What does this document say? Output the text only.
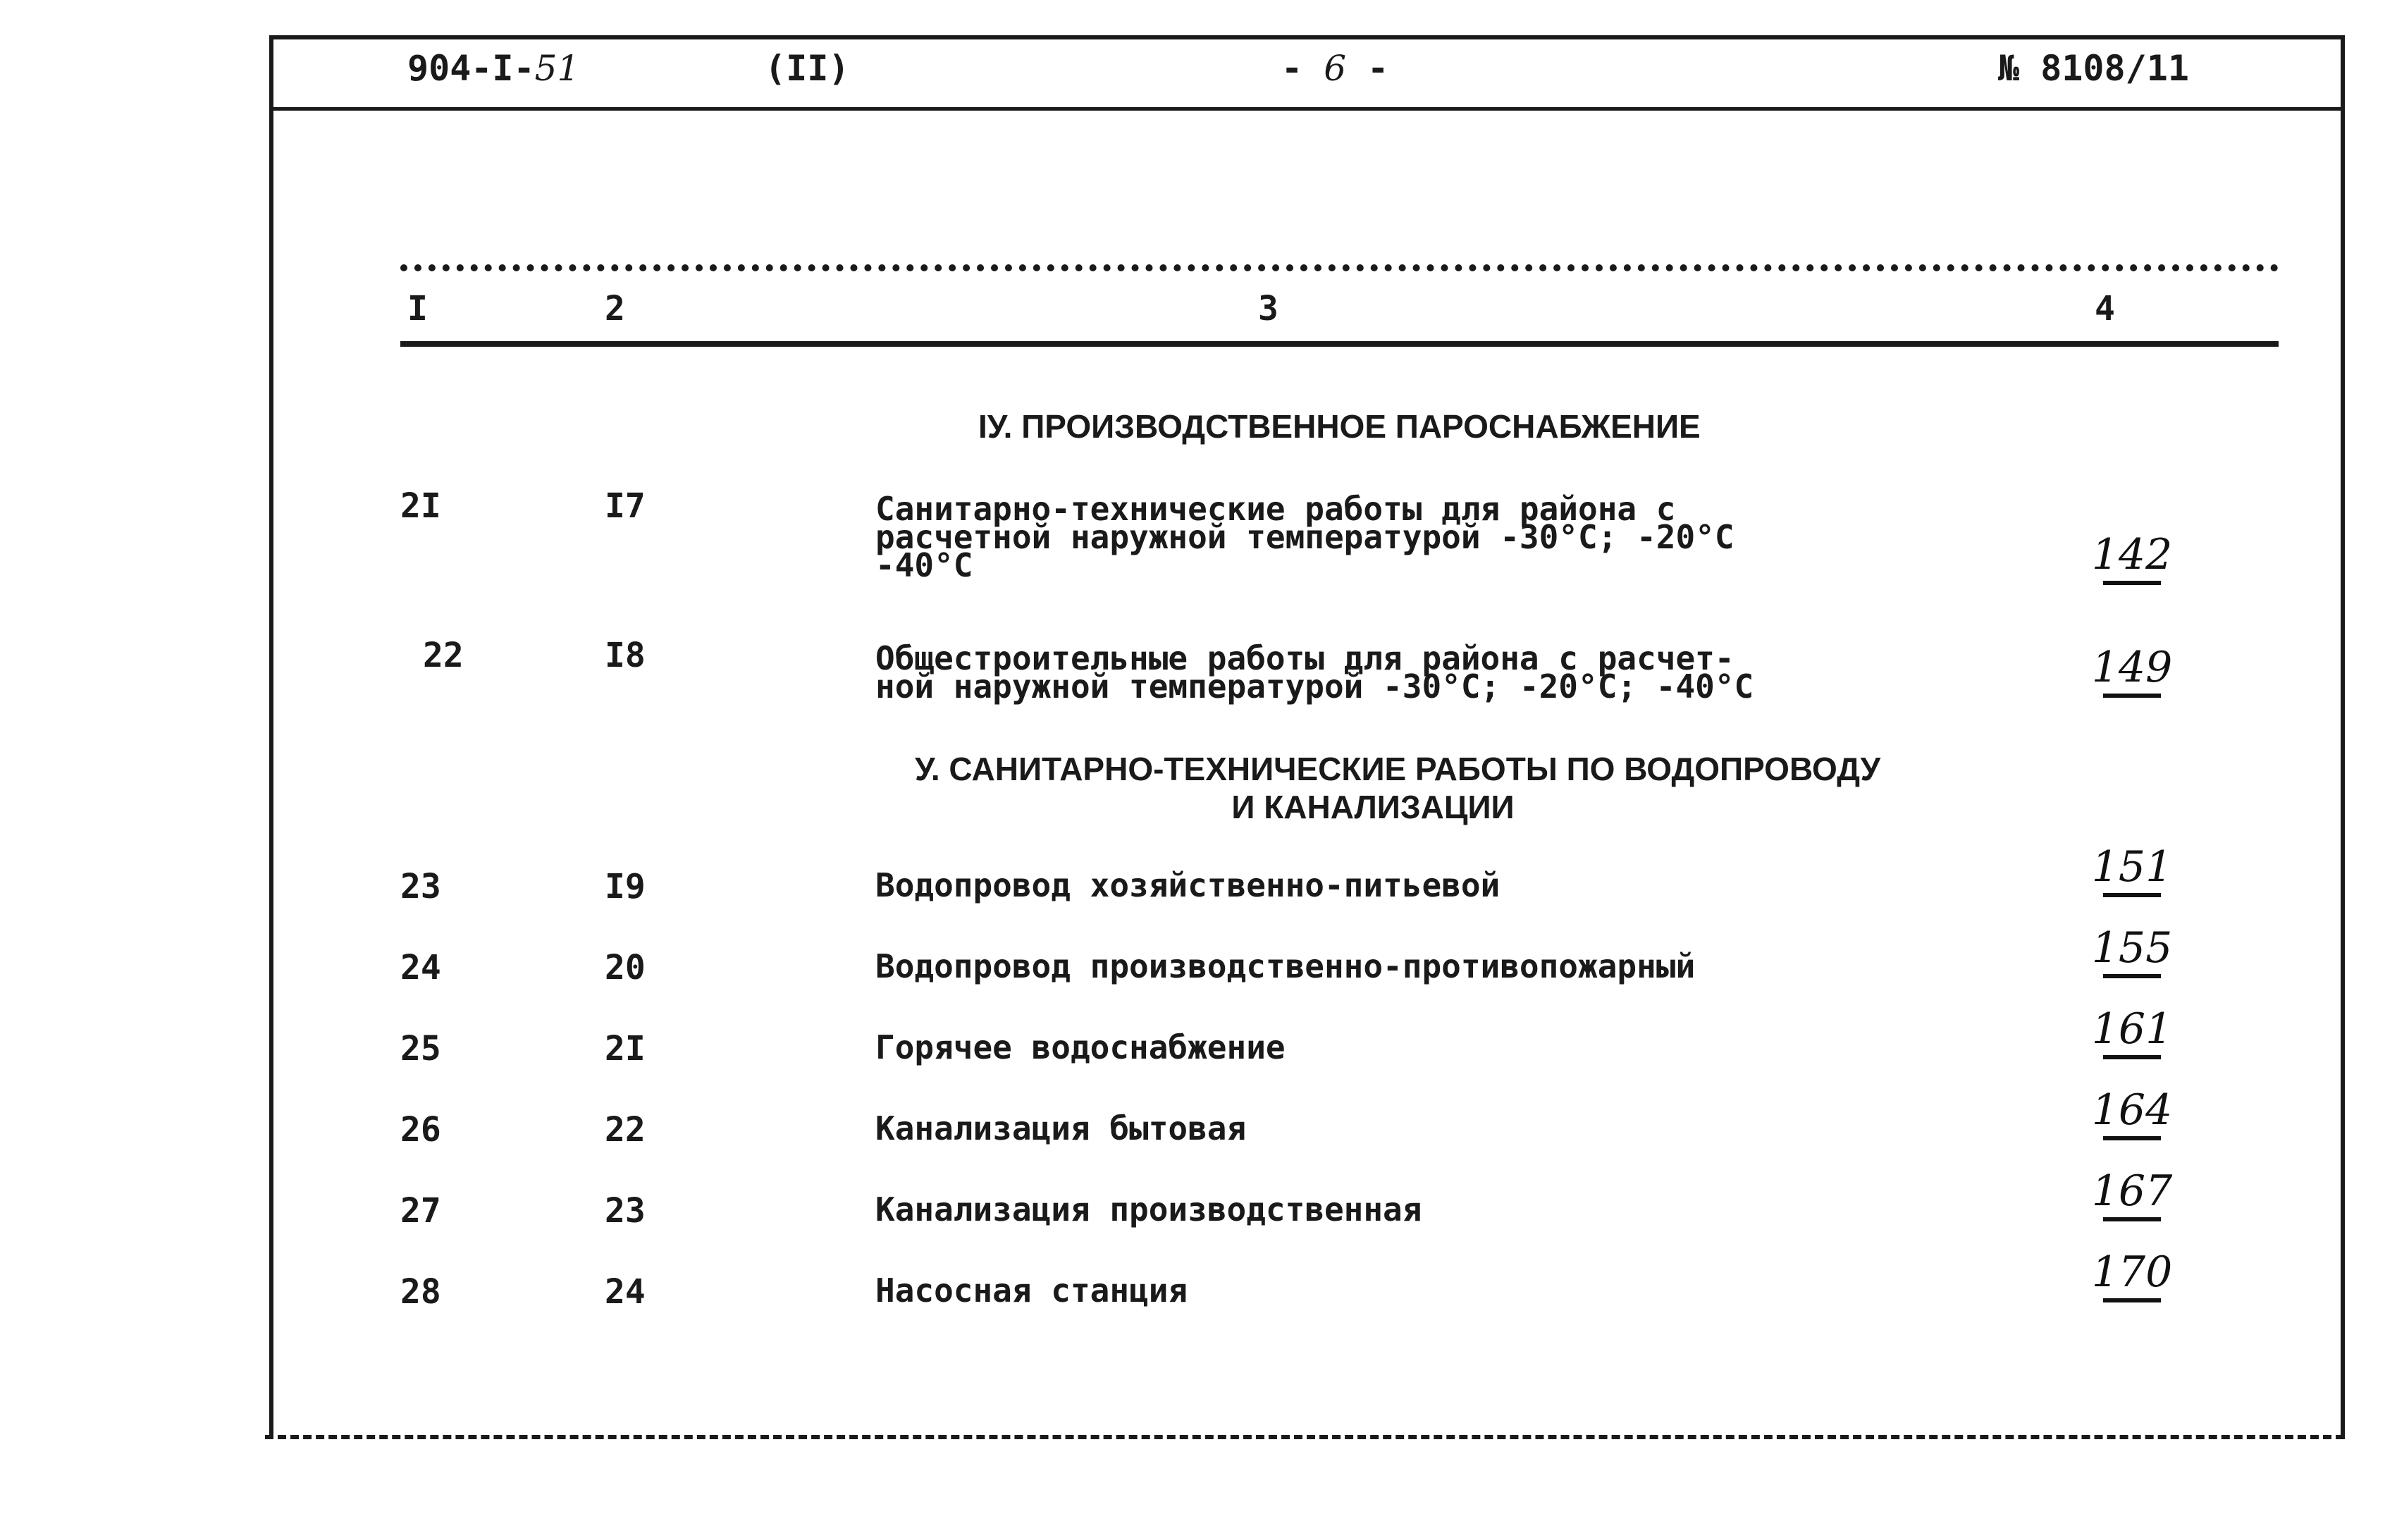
904-I-51	(II)	- 6 -	№ 8108/11
I	2	3	4
IУ. ПРОИЗВОДСТВЕННОЕ ПАРОСНАБЖЕНИЕ
2I	I7	Санитарно-технические работы для района с
расчетной наружной температурой -30°С; -20°С
-40°С	142
22	I8	Общестроительные работы для района с расчет-
ной наружной температурой -30°С; -20°С; -40°С	149
У. САНИТАРНО-ТЕХНИЧЕСКИЕ РАБОТЫ ПО ВОДОПРОВОДУ
И КАНАЛИЗАЦИИ
23	I9	Водопровод хозяйственно-питьевой	151
24	20	Водопровод производственно-противопожарный	155
25	2I	Горячее водоснабжение	161
26	22	Канализация бытовая	164
27	23	Канализация производственная	167
28	24	Насосная станция	170
